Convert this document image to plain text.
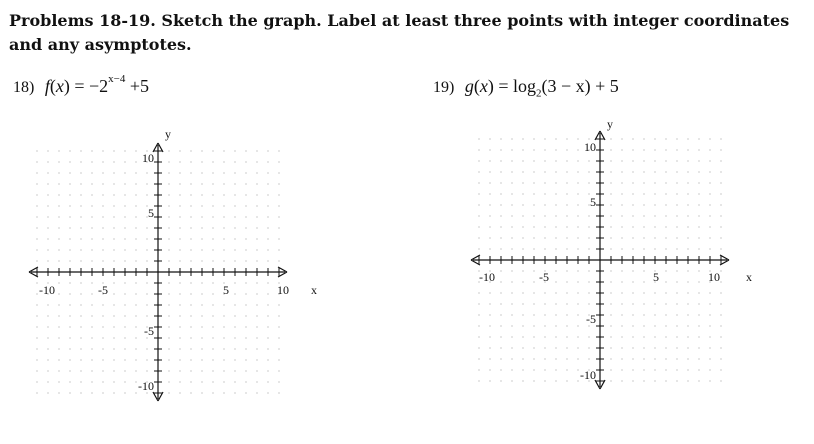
Problems 18-19. Sketch the graph. Label at least three points with integer coordinates and any asymptotes.
18) $f(x) = -2^{x-4} +5$	19) $g(x) = \log_2(3 - x) + 5$
y
x
10
5
-5
-10
-10	-5	5	10
y
x
10
5
-5
-10
-10	-5	5	10
